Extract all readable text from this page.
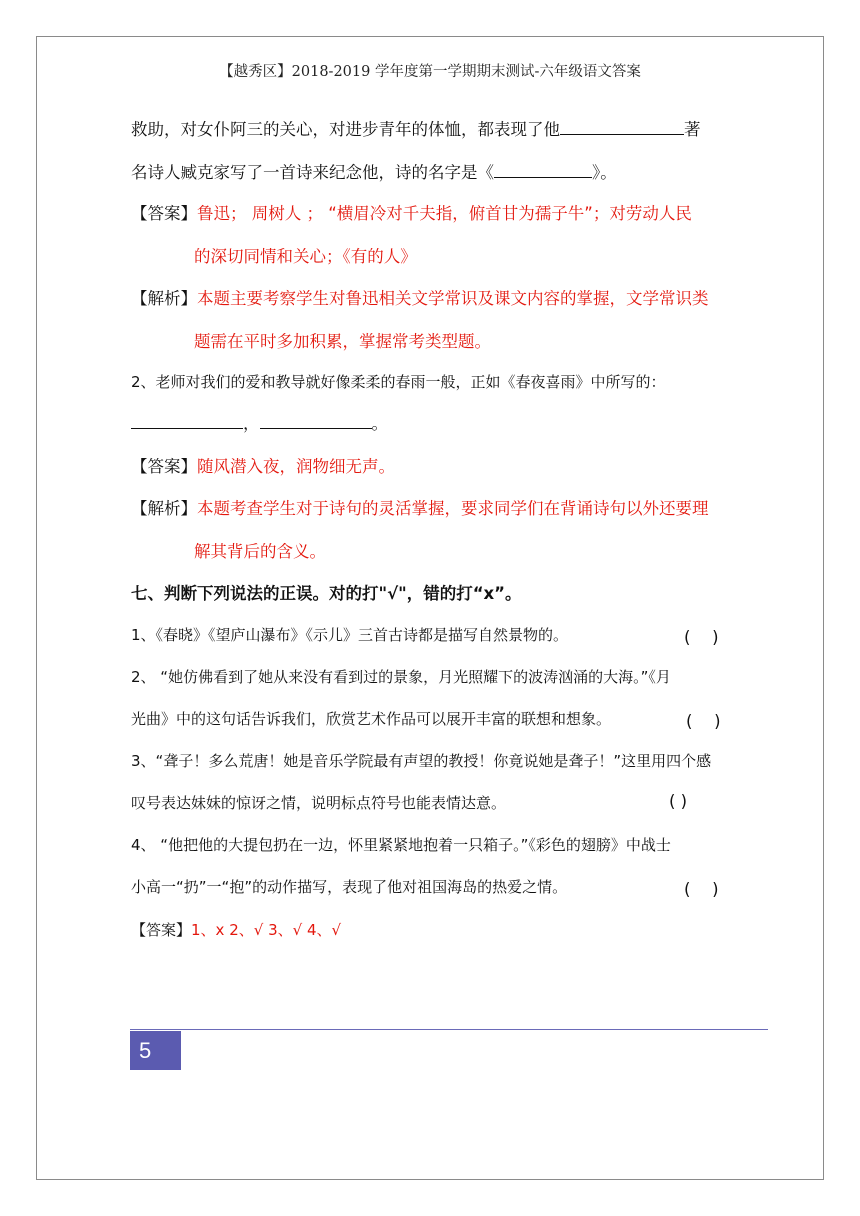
【越秀区】2018-2019 学年度第一学期期末测试-六年级语文答案
救助，对女仆阿三的关心，对进步青年的体恤，都表现了他	著
名诗人臧克家写了一首诗来纪念他，诗的名字是《	》。
【答案】鲁迅； 周树人 ； “横眉冷对千夫指，俯首甘为孺子牛”；对劳动人民
的深切同情和关心；《有的人》
【解析】本题主要考察学生对鲁迅相关文学常识及课文内容的掌握，文学常识类
题需在平时多加积累，掌握常考类型题。
2、老师对我们的爱和教导就好像柔柔的春雨一般，正如《春夜喜雨》中所写的：
，	。
【答案】随风潜入夜，润物细无声。
【解析】本题考查学生对于诗句的灵活掌握，要求同学们在背诵诗句以外还要理
解其背后的含义。
七、判断下列说法的正误。对的打"√"，错的打“x”。
1、《春晓》《望庐山瀑布》《示儿》三首古诗都是描写自然景物的。	(　 )
2、 “她仿佛看到了她从来没有看到过的景象，月光照耀下的波涛汹涌的大海。”《月
光曲》中的这句话告诉我们，欣赏艺术作品可以展开丰富的联想和想象。	(　 )
3、“聋子！多么荒唐！她是音乐学院最有声望的教授！你竟说她是聋子！”这里用四个感
叹号表达妹妹的惊讶之情，说明标点符号也能表情达意。	( )
4、 “他把他的大提包扔在一边，怀里紧紧地抱着一只箱子。”《彩色的翅膀》中战士
小高一“扔”一“抱”的动作描写，表现了他对祖国海岛的热爱之情。	(　 )
【答案】1、x 2、√ 3、√ 4、√
5
